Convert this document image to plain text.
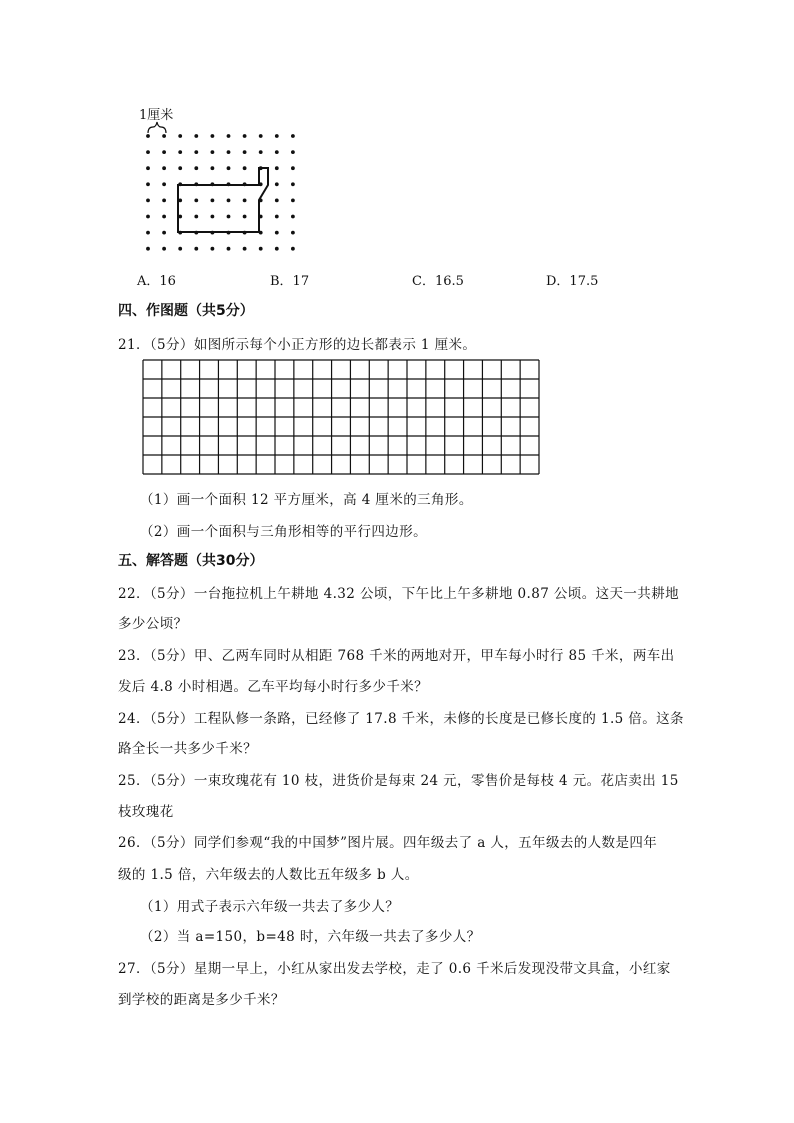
1厘米
A．16	B．17	C．16.5	D．17.5
四、作图题（共5分）
21．（5分）如图所示每个小正方形的边长都表示 1 厘米。
（1）画一个面积 12 平方厘米，高 4 厘米的三角形。
（2）画一个面积与三角形相等的平行四边形。
五、解答题（共30分）
22．（5分）一台拖拉机上午耕地 4.32 公顷，下午比上午多耕地 0.87 公顷。这天一共耕地
多少公顷？
23．（5分）甲、乙两车同时从相距 768 千米的两地对开，甲车每小时行 85 千米，两车出
发后 4.8 小时相遇。乙车平均每小时行多少千米？
24．（5分）工程队修一条路，已经修了 17.8 千米，未修的长度是已修长度的 1.5 倍。这条
路全长一共多少千米？
25．（5分）一束玫瑰花有 10 枝，进货价是每束 24 元，零售价是每枝 4 元。花店卖出 15
枝玫瑰花
26．（5分）同学们参观“我的中国梦”图片展。四年级去了 a 人，五年级去的人数是四年
级的 1.5 倍，六年级去的人数比五年级多 b 人。
（1）用式子表示六年级一共去了多少人？
（2）当 a=150，b=48 时，六年级一共去了多少人？
27．（5分）星期一早上，小红从家出发去学校，走了 0.6 千米后发现没带文具盒，小红家
到学校的距离是多少千米？
